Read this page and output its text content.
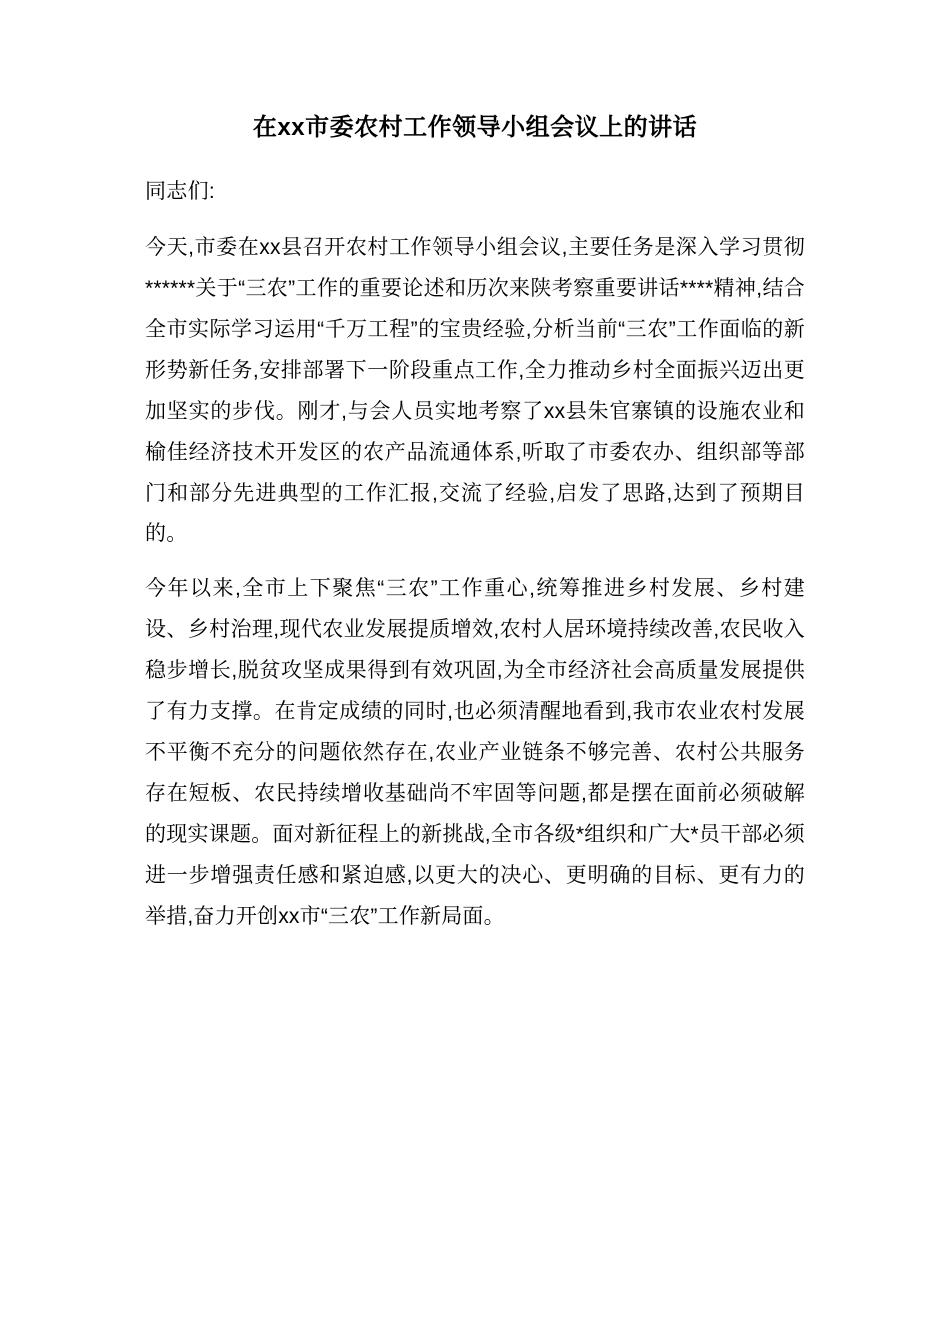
在xx市委农村工作领导小组会议上的讲话

同志们:

今天,市委在xx县召开农村工作领导小组会议,主要任务是深入学习贯彻******关于“三农”工作的重要论述和历次来陕考察重要讲话****精神,结合全市实际学习运用“千万工程”的宝贵经验,分析当前“三农”工作面临的新形势新任务,安排部署下一阶段重点工作,全力推动乡村全面振兴迈出更加坚实的步伐。刚才,与会人员实地考察了xx县朱官寨镇的设施农业和榆佳经济技术开发区的农产品流通体系,听取了市委农办、组织部等部门和部分先进典型的工作汇报,交流了经验,启发了思路,达到了预期目的。

今年以来,全市上下聚焦“三农”工作重心,统筹推进乡村发展、乡村建设、乡村治理,现代农业发展提质增效,农村人居环境持续改善,农民收入稳步增长,脱贫攻坚成果得到有效巩固,为全市经济社会高质量发展提供了有力支撑。在肯定成绩的同时,也必须清醒地看到,我市农业农村发展不平衡不充分的问题依然存在,农业产业链条不够完善、农村公共服务存在短板、农民持续增收基础尚不牢固等问题,都是摆在面前必须破解的现实课题。面对新征程上的新挑战,全市各级*组织和广大*员干部必须进一步增强责任感和紧迫感,以更大的决心、更明确的目标、更有力的举措,奋力开创xx市“三农”工作新局面。
